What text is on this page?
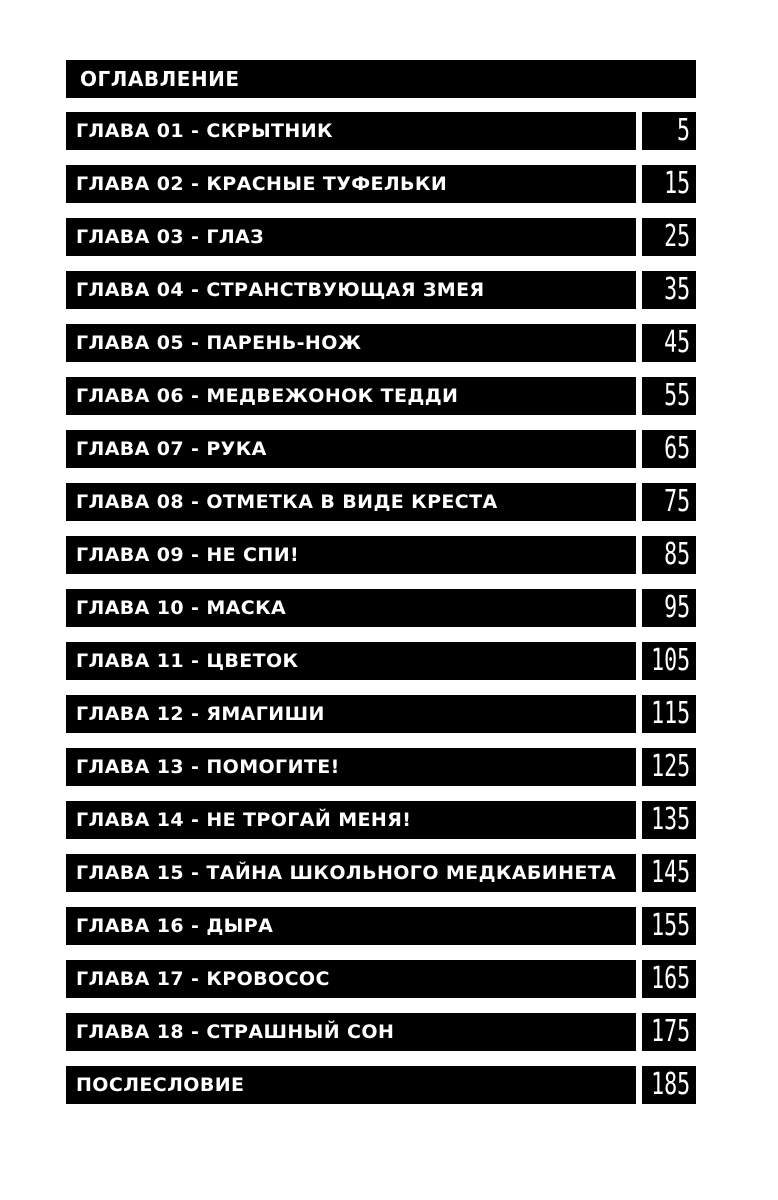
ОГЛАВЛЕНИЕ
ГЛАВА 01 - СКРЫТНИК	5
ГЛАВА 02 - КРАСНЫЕ ТУФЕЛЬКИ	15
ГЛАВА 03 - ГЛАЗ	25
ГЛАВА 04 - СТРАНСТВУЮЩАЯ ЗМЕЯ	35
ГЛАВА 05 - ПАРЕНЬ-НОЖ	45
ГЛАВА 06 - МЕДВЕЖОНОК ТЕДДИ	55
ГЛАВА 07 - РУКА	65
ГЛАВА 08 - ОТМЕТКА В ВИДЕ КРЕСТА	75
ГЛАВА 09 - НЕ СПИ!	85
ГЛАВА 10 - МАСКА	95
ГЛАВА 11 - ЦВЕТОК	105
ГЛАВА 12 - ЯМАГИШИ	115
ГЛАВА 13 - ПОМОГИТЕ!	125
ГЛАВА 14 - НЕ ТРОГАЙ МЕНЯ!	135
ГЛАВА 15 - ТАЙНА ШКОЛЬНОГО МЕДКАБИНЕТА	145
ГЛАВА 16 - ДЫРА	155
ГЛАВА 17 - КРОВОСОС	165
ГЛАВА 18 - СТРАШНЫЙ СОН	175
ПОСЛЕСЛОВИЕ	185
